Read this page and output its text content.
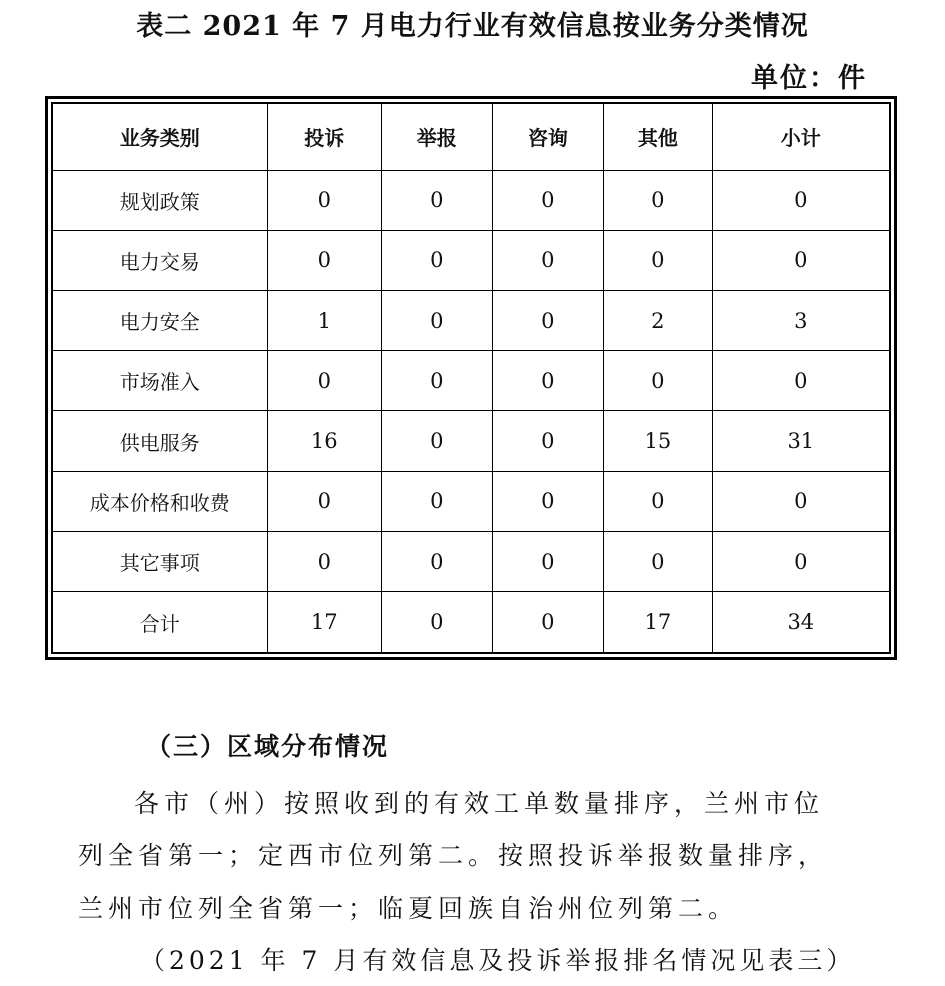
表二 2021 年 7 月电力行业有效信息按业务分类情况
单位：件
业务类别	投诉	举报	咨询	其他	小计
规划政策	0	0	0	0	0
电力交易	0	0	0	0	0
电力安全	1	0	0	2	3
市场准入	0	0	0	0	0
供电服务	16	0	0	15	31
成本价格和收费	0	0	0	0	0
其它事项	0	0	0	0	0
合计	17	0	0	17	34
（三）区域分布情况
各市（州）按照收到的有效工单数量排序，兰州市位
列全省第一；定西市位列第二。按照投诉举报数量排序，
兰州市位列全省第一；临夏回族自治州位列第二。
（2021 年 7 月有效信息及投诉举报排名情况见表三）
